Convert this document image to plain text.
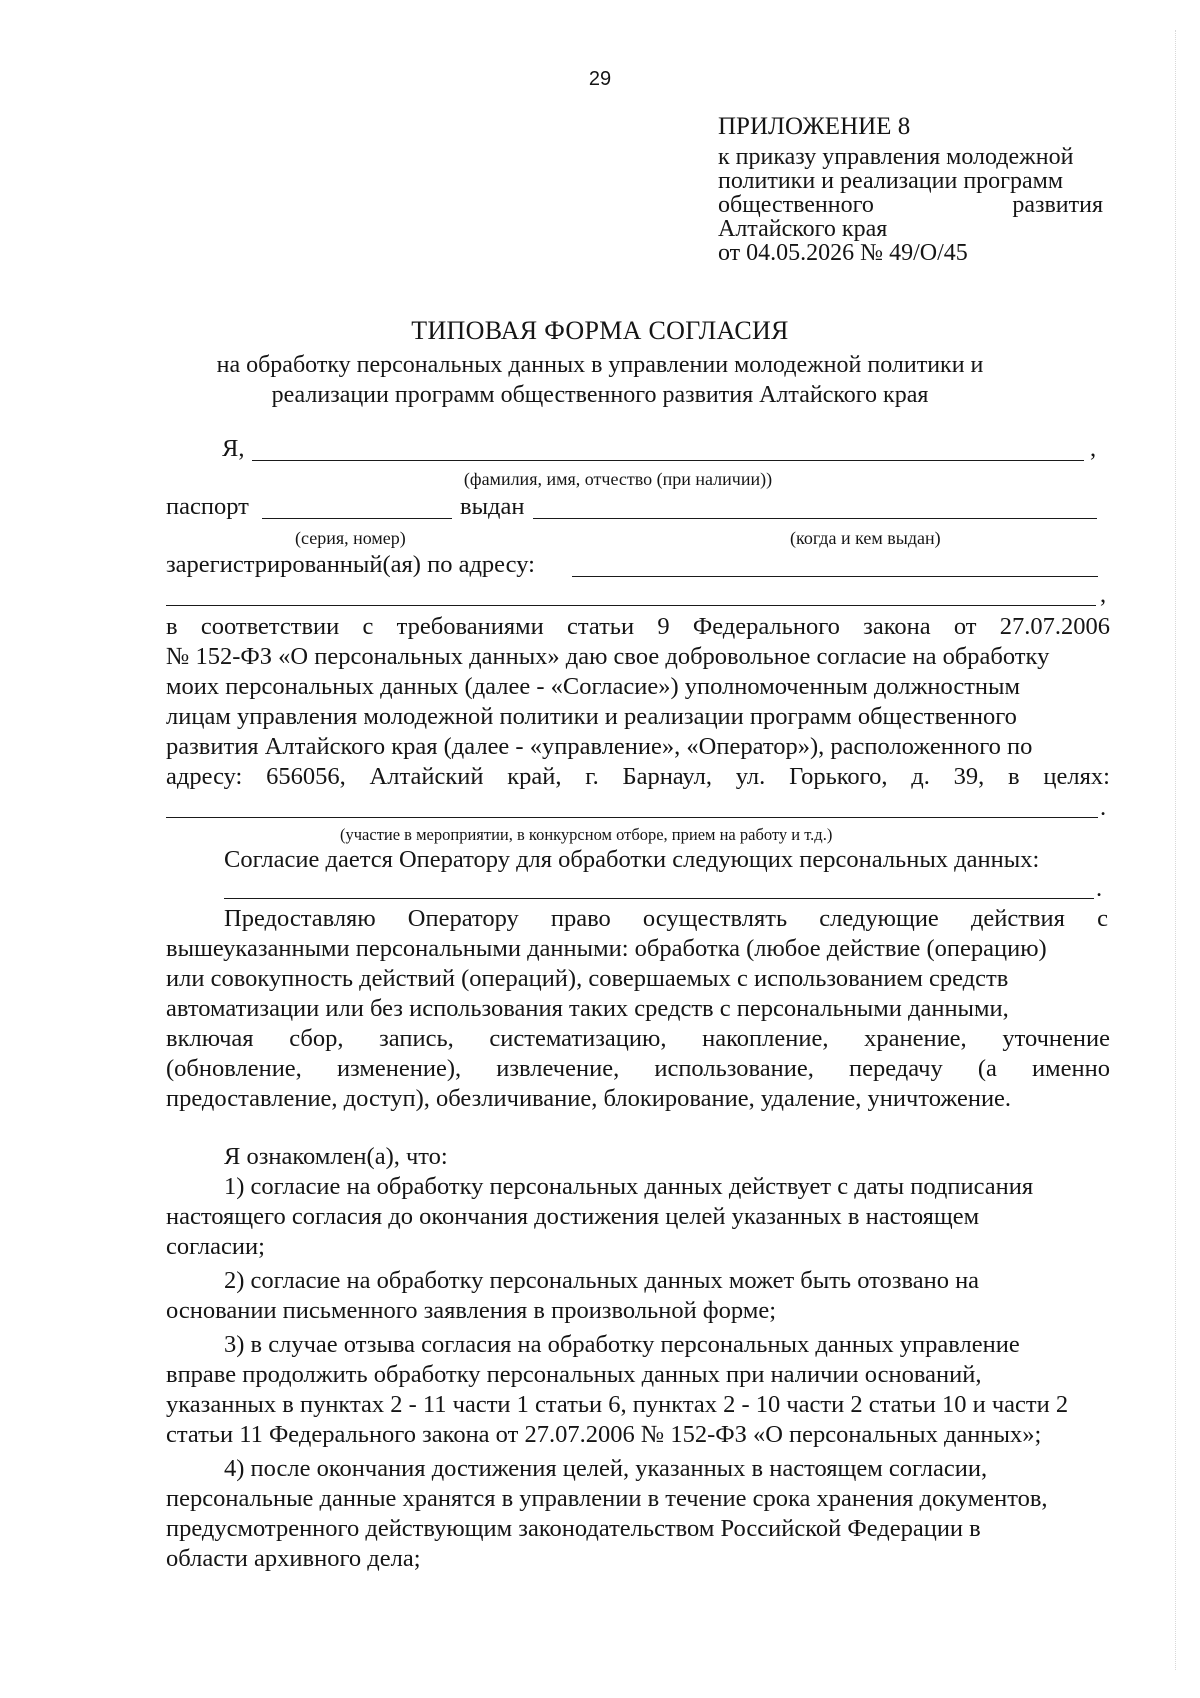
29
ПРИЛОЖЕНИЕ 8
к приказу управления молодежной
политики и реализации программ
общественного	развития
Алтайского края
от 04.05.2026 № 49/О/45
ТИПОВАЯ ФОРМА СОГЛАСИЯ
на обработку персональных данных в управлении молодежной политики и
реализации программ общественного развития Алтайского края
Я,	,
(фамилия, имя, отчество (при наличии))
паспорт	выдан
(серия, номер)	(когда и кем выдан)
зарегистрированный(ая) по адресу:
,
в соответствии с требованиями статьи 9 Федерального закона от 27.07.2006
№ 152-ФЗ «О персональных данных» даю свое добровольное согласие на обработку
моих персональных данных (далее - «Согласие») уполномоченным должностным
лицам управления молодежной политики и реализации программ общественного
развития Алтайского края (далее - «управление», «Оператор»), расположенного по
адресу: 656056, Алтайский край, г. Барнаул, ул. Горького, д. 39, в целях:
.
(участие в мероприятии, в конкурсном отборе, прием на работу и т.д.)
Согласие дается Оператору для обработки следующих персональных данных:
.
Предоставляю Оператору право осуществлять следующие действия с
вышеуказанными персональными данными: обработка (любое действие (операцию)
или совокупность действий (операций), совершаемых с использованием средств
автоматизации или без использования таких средств с персональными данными,
включая сбор, запись, систематизацию, накопление, хранение, уточнение
(обновление, изменение), извлечение, использование, передачу (а именно
предоставление, доступ), обезличивание, блокирование, удаление, уничтожение.
Я ознакомлен(а), что:
1) согласие на обработку персональных данных действует с даты подписания
настоящего согласия до окончания достижения целей указанных в настоящем
согласии;
2) согласие на обработку персональных данных может быть отозвано на
основании письменного заявления в произвольной форме;
3) в случае отзыва согласия на обработку персональных данных управление
вправе продолжить обработку персональных данных при наличии оснований,
указанных в пунктах 2 - 11 части 1 статьи 6, пунктах 2 - 10 части 2 статьи 10 и части 2
статьи 11 Федерального закона от 27.07.2006 № 152-ФЗ «О персональных данных»;
4) после окончания достижения целей, указанных в настоящем согласии,
персональные данные хранятся в управлении в течение срока хранения документов,
предусмотренного действующим законодательством Российской Федерации в
области архивного дела;
